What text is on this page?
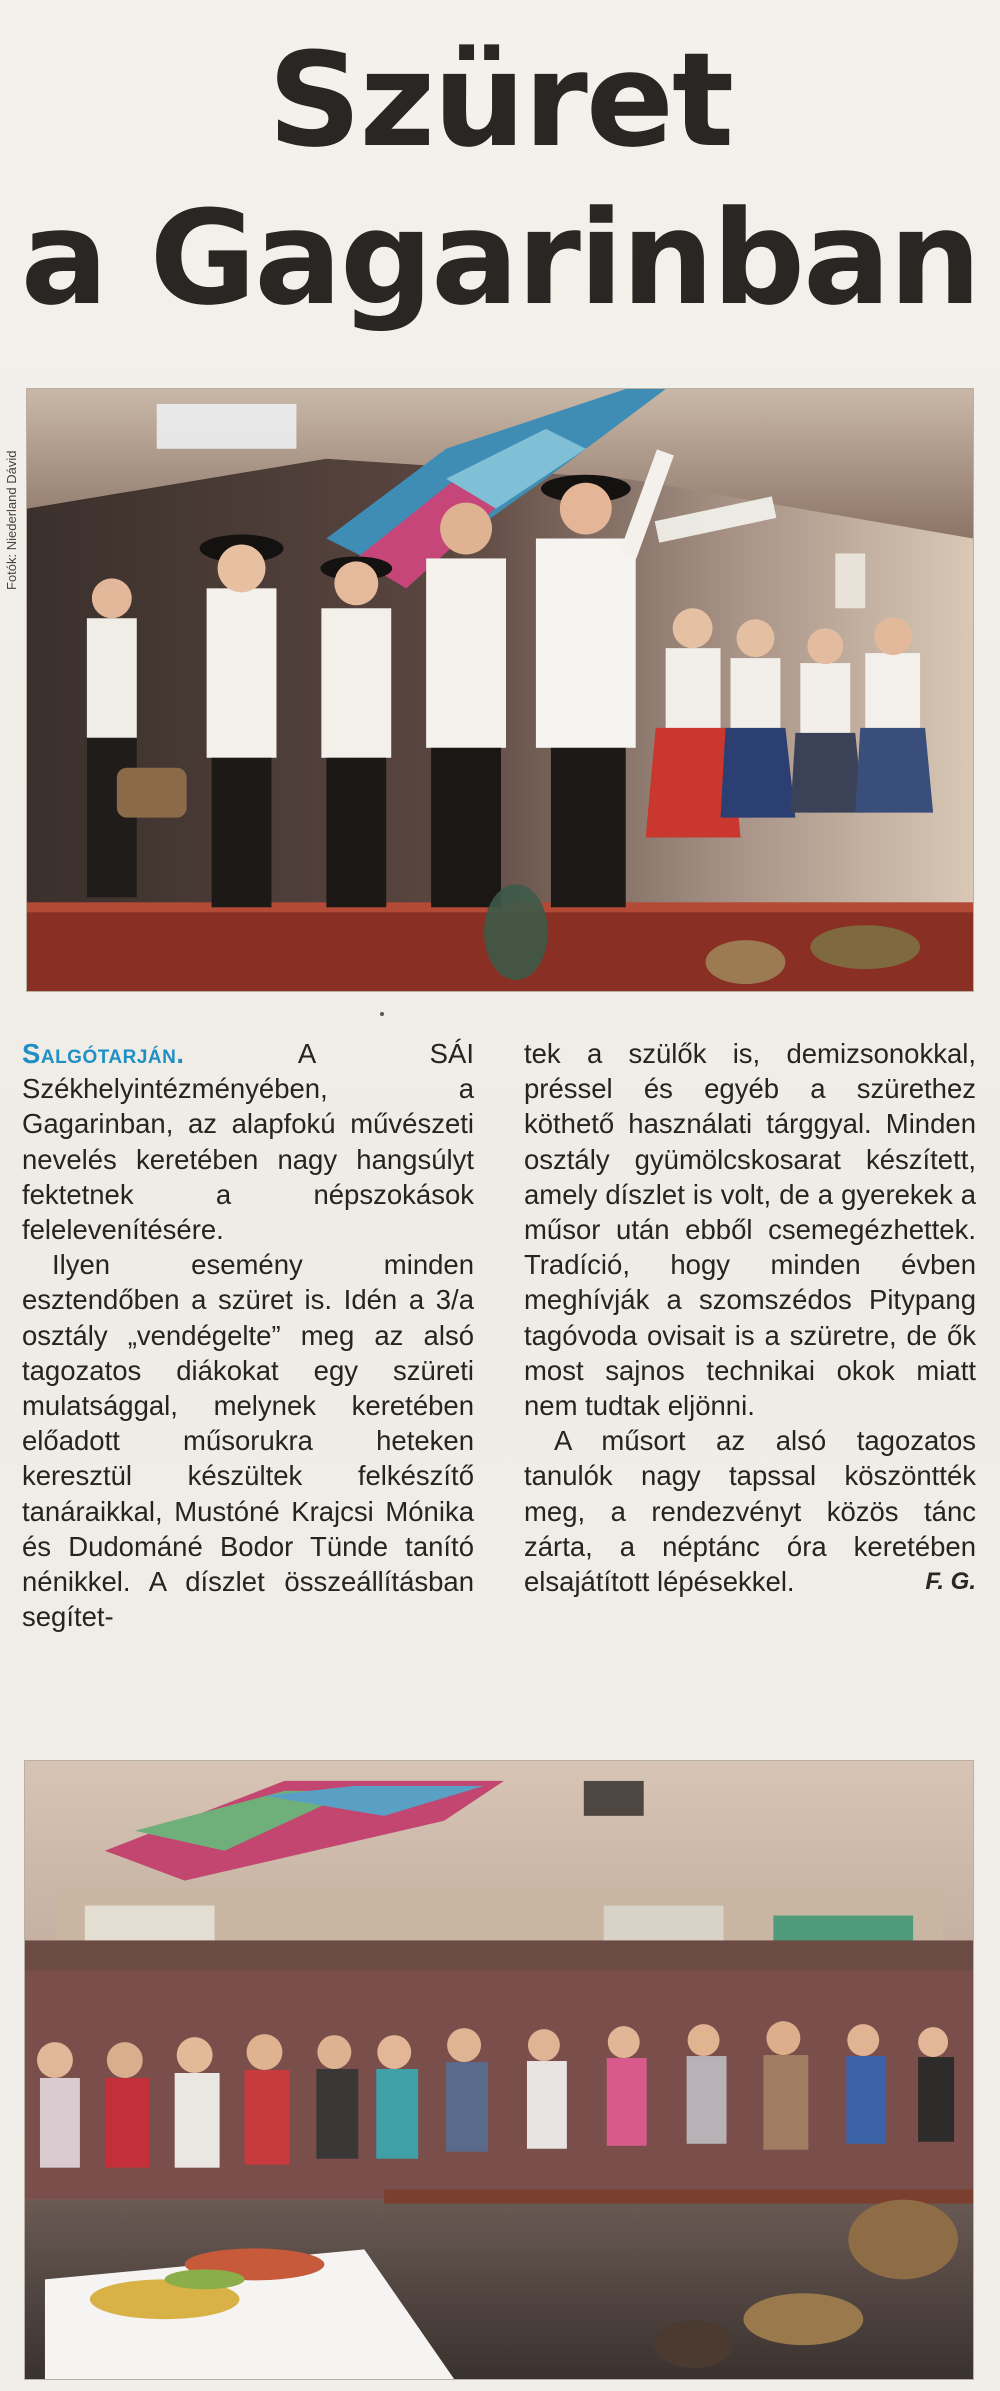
Szüret
a Gagarinban
Fotók: Niederland Dávid

Salgótarján.	A SÁI Székhelyintézményében, a Gagarinban, az alapfokú művészeti nevelés keretében nagy hangsúlyt fektetnek a népszokások felelevenítésére.

Ilyen esemény minden esztendőben a szüret is. Idén a 3/a osztály „vendégelte” meg az alsó tagozatos diákokat egy szüreti mulatsággal, melynek keretében előadott műsorukra heteken keresztül készültek felkészítő tanáraikkal, Mustóné Krajcsi Mónika és Dudománé Bodor Tünde tanító nénikkel. A díszlet összeállításban segítet-

tek a szülők is, demizsonokkal, préssel és egyéb a szürethez köthető használati tárggyal. Minden osztály gyümölcskosarat készített, amely díszlet is volt, de a gyerekek a műsor után ebből csemegézhettek. Tradíció, hogy minden évben meghívják a szomszédos Pitypang tagóvoda ovisait is a szüretre, de ők most sajnos technikai okok miatt nem tudtak eljönni.

A műsort az alsó tagozatos tanulók nagy tapssal köszöntték meg, a rendezvényt közös tánc zárta, a néptánc óra keretében elsajátított lépésekkel.	F. G.
